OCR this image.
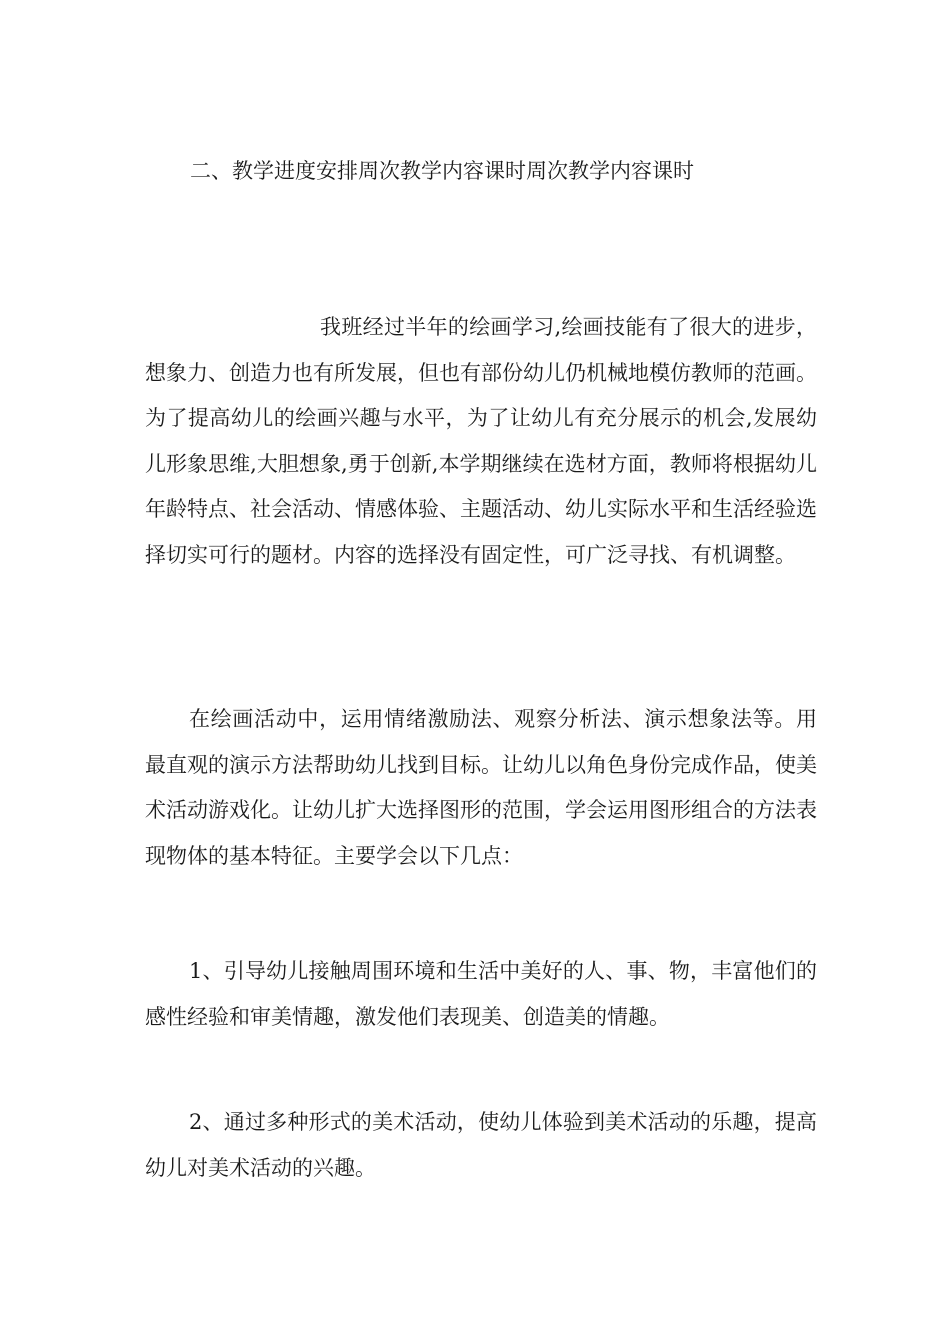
二、教学进度安排周次教学内容课时周次教学内容课时

我班经过半年的绘画学习,绘画技能有了很大的进步，想象力、创造力也有所发展，但也有部份幼儿仍机械地模仿教师的范画。为了提高幼儿的绘画兴趣与水平，为了让幼儿有充分展示的机会,发展幼儿形象思维,大胆想象,勇于创新,本学期继续在选材方面，教师将根据幼儿年龄特点、社会活动、情感体验、主题活动、幼儿实际水平和生活经验选择切实可行的题材。内容的选择没有固定性，可广泛寻找、有机调整。

在绘画活动中，运用情绪激励法、观察分析法、演示想象法等。用最直观的演示方法帮助幼儿找到目标。让幼儿以角色身份完成作品，使美术活动游戏化。让幼儿扩大选择图形的范围，学会运用图形组合的方法表现物体的基本特征。主要学会以下几点：

1、引导幼儿接触周围环境和生活中美好的人、事、物，丰富他们的感性经验和审美情趣，激发他们表现美、创造美的情趣。

2、通过多种形式的美术活动，使幼儿体验到美术活动的乐趣，提高幼儿对美术活动的兴趣。
